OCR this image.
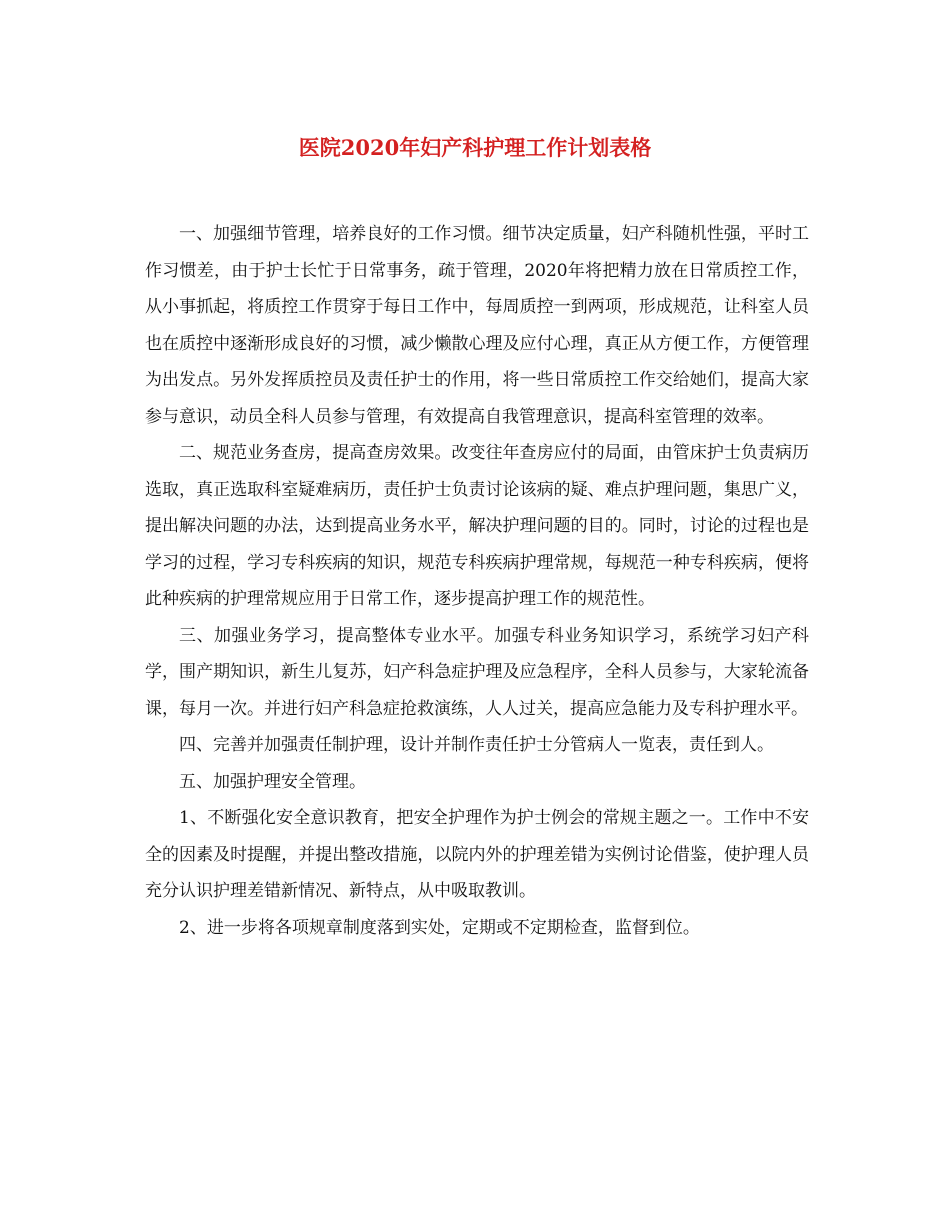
医院2020年妇产科护理工作计划表格

一、加强细节管理，培养良好的工作习惯。细节决定质量，妇产科随机性强，平时工作习惯差，由于护士长忙于日常事务，疏于管理，2020年将把精力放在日常质控工作，从小事抓起，将质控工作贯穿于每日工作中，每周质控一到两项，形成规范，让科室人员也在质控中逐渐形成良好的习惯，减少懒散心理及应付心理，真正从方便工作，方便管理为出发点。另外发挥质控员及责任护士的作用，将一些日常质控工作交给她们，提高大家参与意识，动员全科人员参与管理，有效提高自我管理意识，提高科室管理的效率。

二、规范业务查房，提高查房效果。改变往年查房应付的局面，由管床护士负责病历选取，真正选取科室疑难病历，责任护士负责讨论该病的疑、难点护理问题，集思广义，提出解决问题的办法，达到提高业务水平，解决护理问题的目的。同时，讨论的过程也是学习的过程，学习专科疾病的知识，规范专科疾病护理常规，每规范一种专科疾病，便将此种疾病的护理常规应用于日常工作，逐步提高护理工作的规范性。

三、加强业务学习，提高整体专业水平。加强专科业务知识学习，系统学习妇产科学，围产期知识，新生儿复苏，妇产科急症护理及应急程序，全科人员参与，大家轮流备课，每月一次。并进行妇产科急症抢救演练，人人过关，提高应急能力及专科护理水平。

四、完善并加强责任制护理，设计并制作责任护士分管病人一览表，责任到人。

五、加强护理安全管理。

1、不断强化安全意识教育，把安全护理作为护士例会的常规主题之一。工作中不安全的因素及时提醒，并提出整改措施，以院内外的护理差错为实例讨论借鉴，使护理人员充分认识护理差错新情况、新特点，从中吸取教训。

2、进一步将各项规章制度落到实处，定期或不定期检查，监督到位。
